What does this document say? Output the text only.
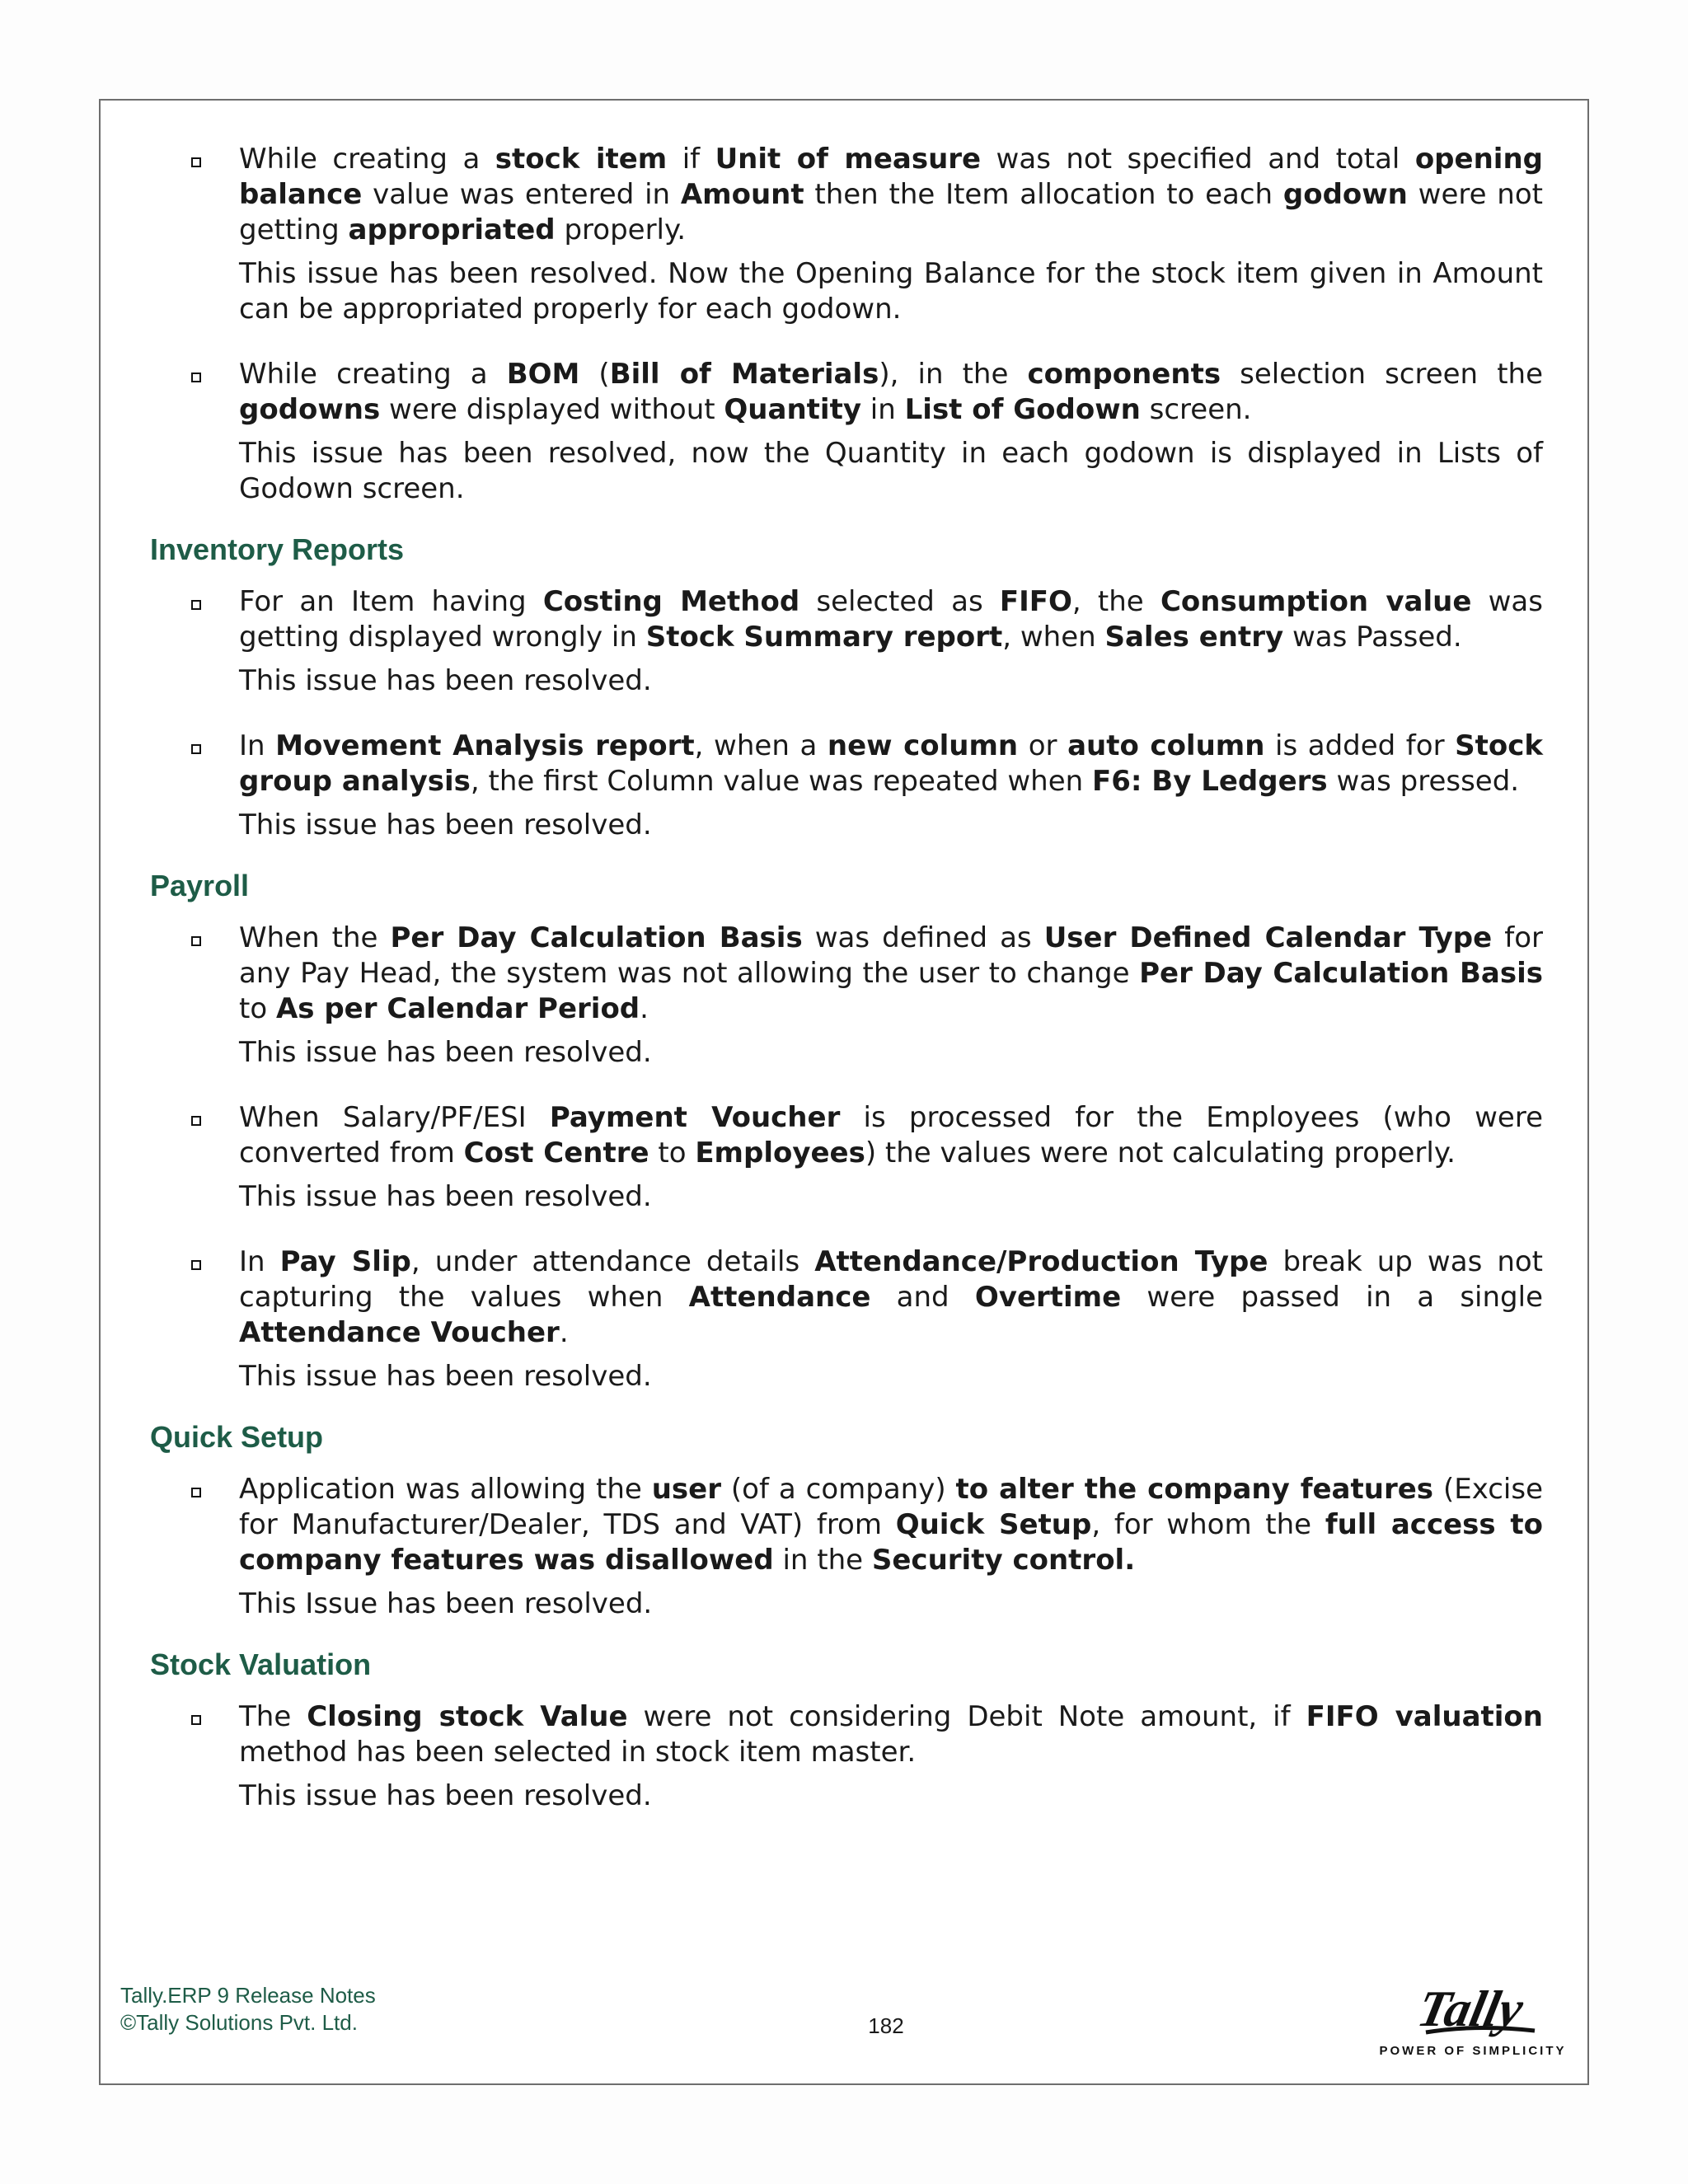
While creating a stock item if Unit of measure was not specified and total opening balance value was entered in Amount then the Item allocation to each godown were not getting appropriated properly.

This issue has been resolved. Now the Opening Balance for the stock item given in Amount can be appropriated properly for each godown.

While creating a BOM (Bill of Materials), in the components selection screen the godowns were displayed without Quantity in List of Godown screen.

This issue has been resolved, now the Quantity in each godown is displayed in Lists of Godown screen.

Inventory Reports

For an Item having Costing Method selected as FIFO, the Consumption value was getting displayed wrongly in Stock Summary report, when Sales entry was Passed.

This issue has been resolved.

In Movement Analysis report, when a new column or auto column is added for Stock group analysis, the first Column value was repeated when F6: By Ledgers was pressed.

This issue has been resolved.

Payroll

When the Per Day Calculation Basis was defined as User Defined Calendar Type for any Pay Head, the system was not allowing the user to change Per Day Calculation Basis to As per Calendar Period.

This issue has been resolved.

When Salary/PF/ESI Payment Voucher is processed for the Employees (who were converted from Cost Centre to Employees) the values were not calculating properly.

This issue has been resolved.

In Pay Slip, under attendance details Attendance/Production Type break up was not capturing the values when Attendance and Overtime were passed in a single Attendance Voucher.

This issue has been resolved.

Quick Setup

Application was allowing the user (of a company) to alter the company features (Excise for Manufacturer/Dealer, TDS and VAT) from Quick Setup, for whom the full access to company features was disallowed in the Security control.

This Issue has been resolved.

Stock Valuation

The Closing stock Value were not considering Debit Note amount, if FIFO valuation method has been selected in stock item master.

This issue has been resolved.

Tally.ERP 9 Release Notes
©Tally Solutions Pvt. Ltd.	182	Tally
POWER OF SIMPLICITY
